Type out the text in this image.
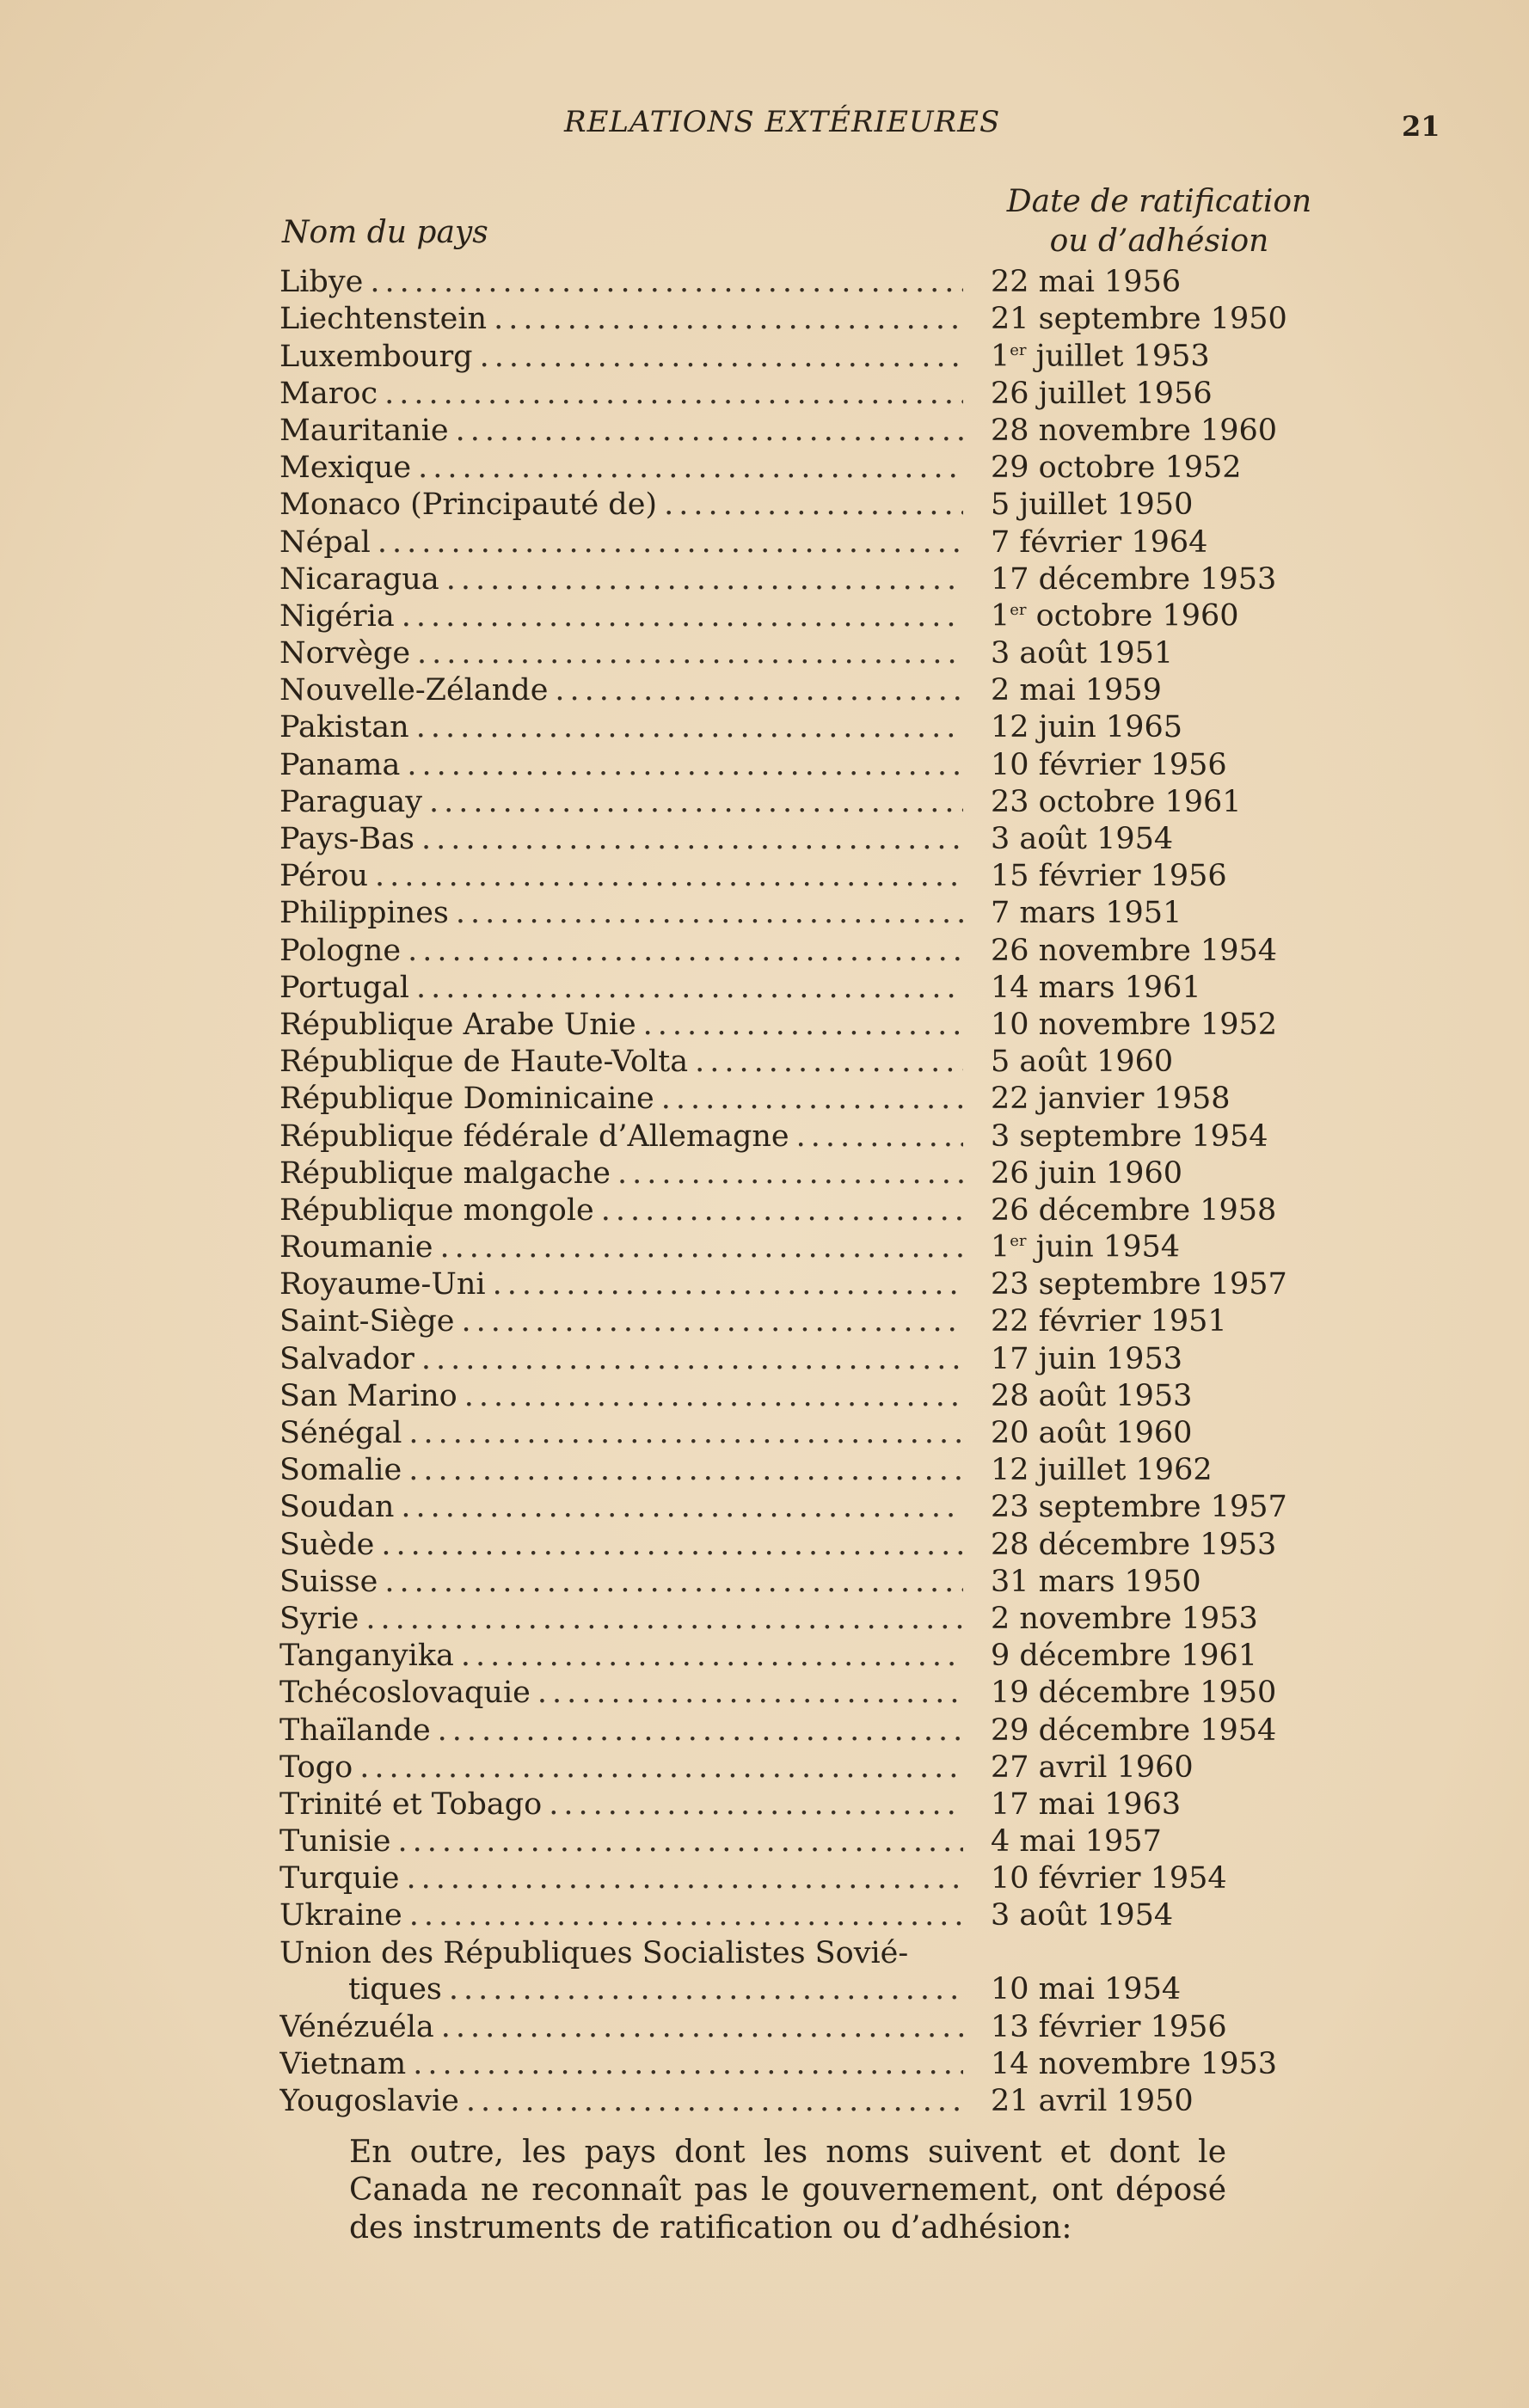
RELATIONS EXTÉRIEURES	21
Nom du pays
Date de ratification
ou d’adhésion
Libye .....	22 mai 1956
Liechtenstein .....	21 septembre 1950
Luxembourg .....	1er juillet 1953
Maroc .....	26 juillet 1956
Mauritanie .....	28 novembre 1960
Mexique .....	29 octobre 1952
Monaco (Principauté de) .....	5 juillet 1950
Népal .....	7 février 1964
Nicaragua .....	17 décembre 1953
Nigéria .....	1er octobre 1960
Norvège .....	3 août 1951
Nouvelle-Zélande .....	2 mai 1959
Pakistan .....	12 juin 1965
Panama .....	10 février 1956
Paraguay .....	23 octobre 1961
Pays-Bas .....	3 août 1954
Pérou .....	15 février 1956
Philippines .....	7 mars 1951
Pologne .....	26 novembre 1954
Portugal .....	14 mars 1961
République Arabe Unie .....	10 novembre 1952
République de Haute-Volta .....	5 août 1960
République Dominicaine .....	22 janvier 1958
République fédérale d’Allemagne .....	3 septembre 1954
République malgache .....	26 juin 1960
République mongole .....	26 décembre 1958
Roumanie .....	1er juin 1954
Royaume-Uni .....	23 septembre 1957
Saint-Siège .....	22 février 1951
Salvador .....	17 juin 1953
San Marino .....	28 août 1953
Sénégal .....	20 août 1960
Somalie .....	12 juillet 1962
Soudan .....	23 septembre 1957
Suède .....	28 décembre 1953
Suisse .....	31 mars 1950
Syrie .....	2 novembre 1953
Tanganyika .....	9 décembre 1961
Tchécoslovaquie .....	19 décembre 1950
Thaïlande .....	29 décembre 1954
Togo .....	27 avril 1960
Trinité et Tobago .....	17 mai 1963
Tunisie .....	4 mai 1957
Turquie .....	10 février 1954
Ukraine .....	3 août 1954
Union des Républiques Socialistes Sovié-
tiques .....	10 mai 1954
Vénézuéla .....	13 février 1956
Vietnam .....	14 novembre 1953
Yougoslavie .....	21 avril 1950
En outre, les pays dont les noms suivent et dont le Canada ne reconnaît pas le gouvernement, ont déposé des instruments de ratification ou d’adhésion:
